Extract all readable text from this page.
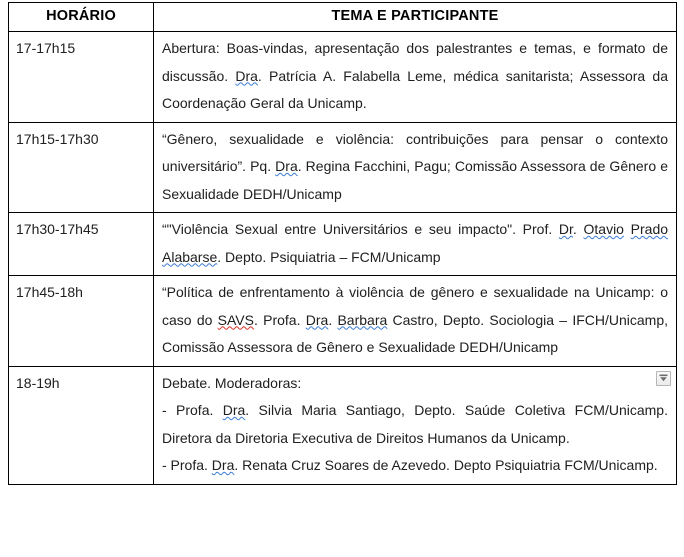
HORÁRIO	TEMA E PARTICIPANTE
17-17h15	Abertura: Boas-vindas, apresentação dos palestrantes e temas, e formato de discussão. Dra. Patrícia A. Falabella Leme, médica sanitarista; Assessora da Coordenação Geral da Unicamp.

17h15-17h30	“Gênero, sexualidade e violência: contribuições para pensar o contexto universitário”. Pq. Dra. Regina Facchini, Pagu; Comissão Assessora de Gênero e Sexualidade DEDH/Unicamp

17h30-17h45	“"Violência Sexual entre Universitários e seu impacto". Prof. Dr. Otavio Prado Alabarse. Depto. Psiquiatria – FCM/Unicamp

17h45-18h	“Política de enfrentamento à violência de gênero e sexualidade na Unicamp: o caso do SAVS. Profa. Dra. Barbara Castro, Depto. Sociologia – IFCH/Unicamp, Comissão Assessora de Gênero e Sexualidade DEDH/Unicamp

18-19h	Debate. Moderadoras:
- Profa. Dra. Silvia Maria Santiago, Depto. Saúde Coletiva FCM/Unicamp. Diretora da Diretoria Executiva de Direitos Humanos da Unicamp.
- Profa. Dra. Renata Cruz Soares de Azevedo. Depto Psiquiatria FCM/Unicamp.
